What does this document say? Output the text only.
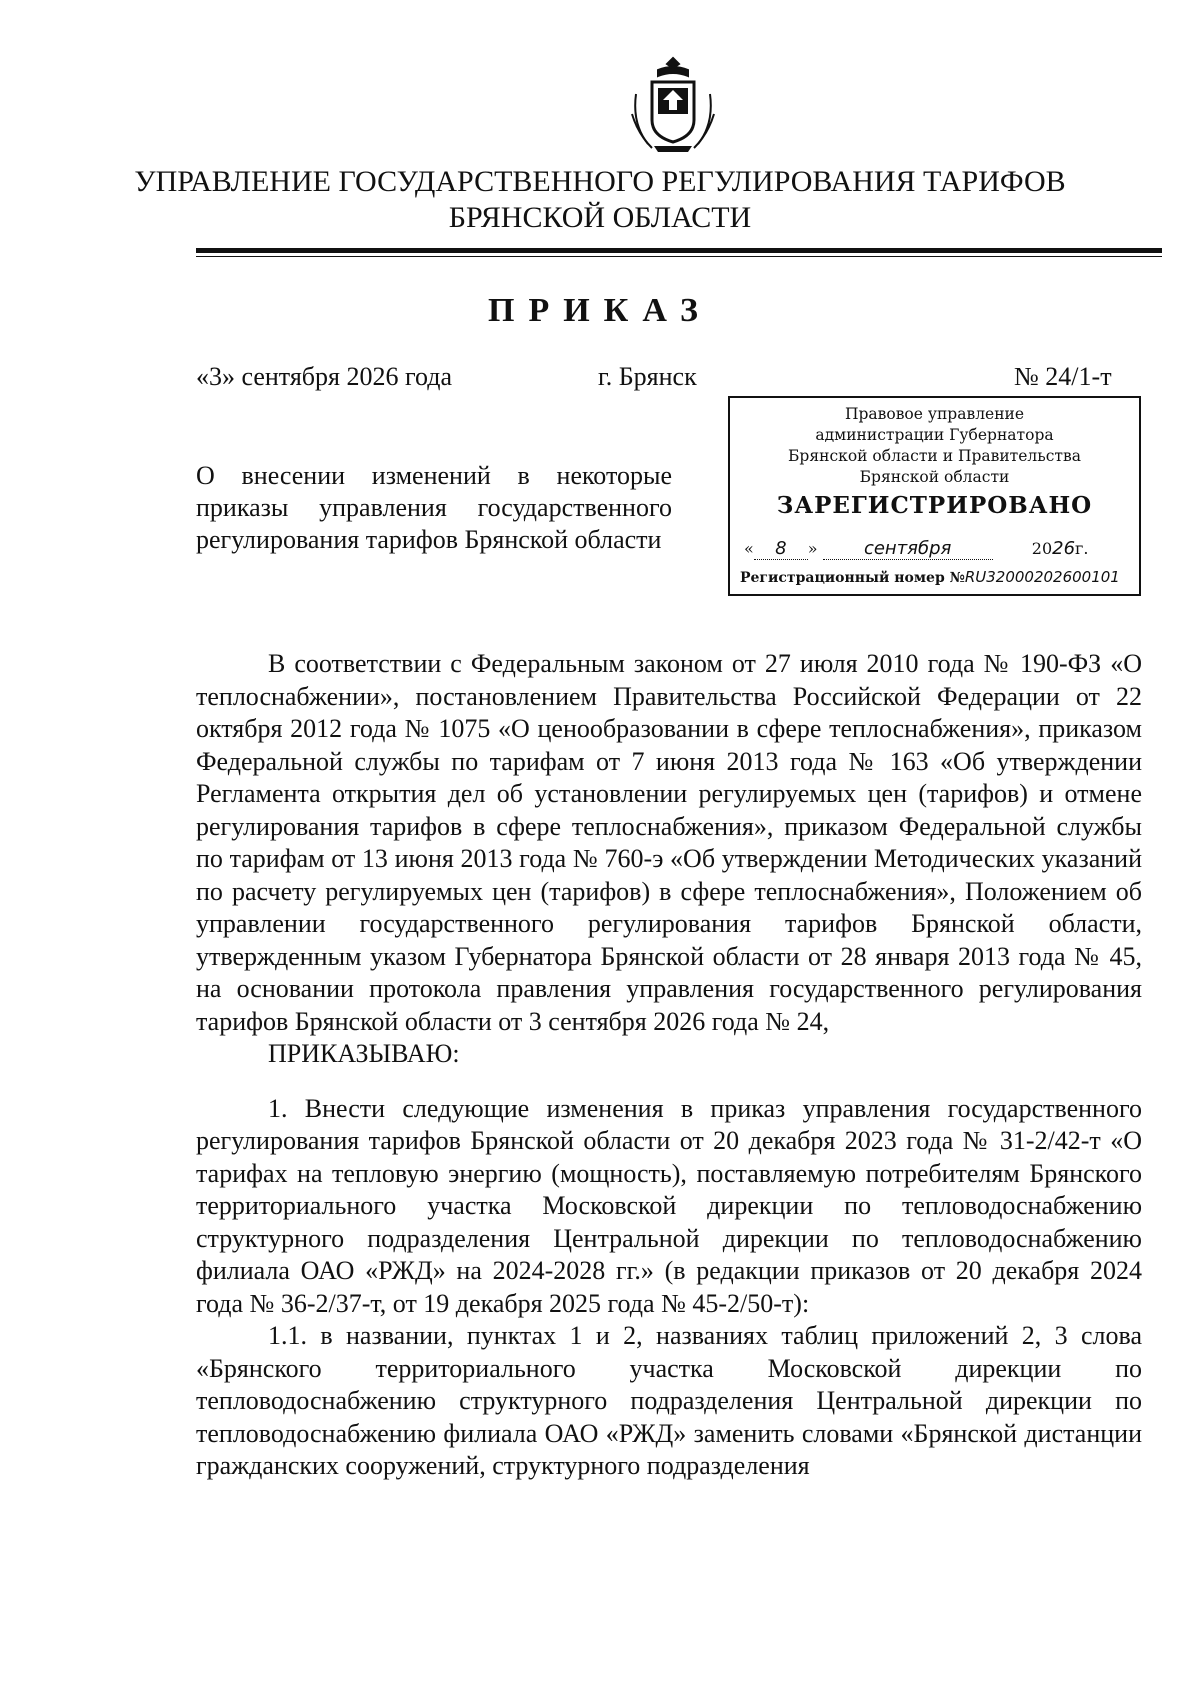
УПРАВЛЕНИЕ ГОСУДАРСТВЕННОГО РЕГУЛИРОВАНИЯ ТАРИФОВ
БРЯНСКОЙ ОБЛАСТИ
ПРИКАЗ
«3» сентября 2026 года	г. Брянск	№ 24/1-т
О внесении изменений в некоторые приказы управления государственного регулирования тарифов Брянской области
Правовое управление
администрации Губернатора
Брянской области и Правительства
Брянской области
ЗАРЕГИСТРИРОВАНО
« 8 » сентября	2026г.
Регистрационный номер №RU32000202600101

В соответствии с Федеральным законом от 27 июля 2010 года № 190-ФЗ «О теплоснабжении», постановлением Правительства Российской Федерации от 22 октября 2012 года № 1075 «О ценообразовании в сфере теплоснабжения», приказом Федеральной службы по тарифам от 7 июня 2013 года № 163 «Об утверждении Регламента открытия дел об установлении регулируемых цен (тарифов) и отмене регулирования тарифов в сфере теплоснабжения», приказом Федеральной службы по тарифам от 13 июня 2013 года № 760-э «Об утверждении Методических указаний по расчету регулируемых цен (тарифов) в сфере теплоснабжения», Положением об управлении государственного регулирования тарифов Брянской области, утвержденным указом Губернатора Брянской области от 28 января 2013 года № 45, на основании протокола правления управления государственного регулирования тарифов Брянской области от 3 сентября 2026 года № 24,

ПРИКАЗЫВАЮ:

1. Внести следующие изменения в приказ управления государственного регулирования тарифов Брянской области от 20 декабря 2023 года № 31-2/42-т «О тарифах на тепловую энергию (мощность), поставляемую потребителям Брянского территориального участка Московской дирекции по тепловодоснабжению структурного подразделения Центральной дирекции по тепловодоснабжению филиала ОАО «РЖД» на 2024-2028 гг.» (в редакции приказов от 20 декабря 2024 года № 36-2/37-т, от 19 декабря 2025 года № 45-2/50-т):

1.1. в названии, пунктах 1 и 2, названиях таблиц приложений 2, 3 слова «Брянского территориального участка Московской дирекции по тепловодоснабжению структурного подразделения Центральной дирекции по тепловодоснабжению филиала ОАО «РЖД» заменить словами «Брянской дистанции гражданских сооружений, структурного подразделения
